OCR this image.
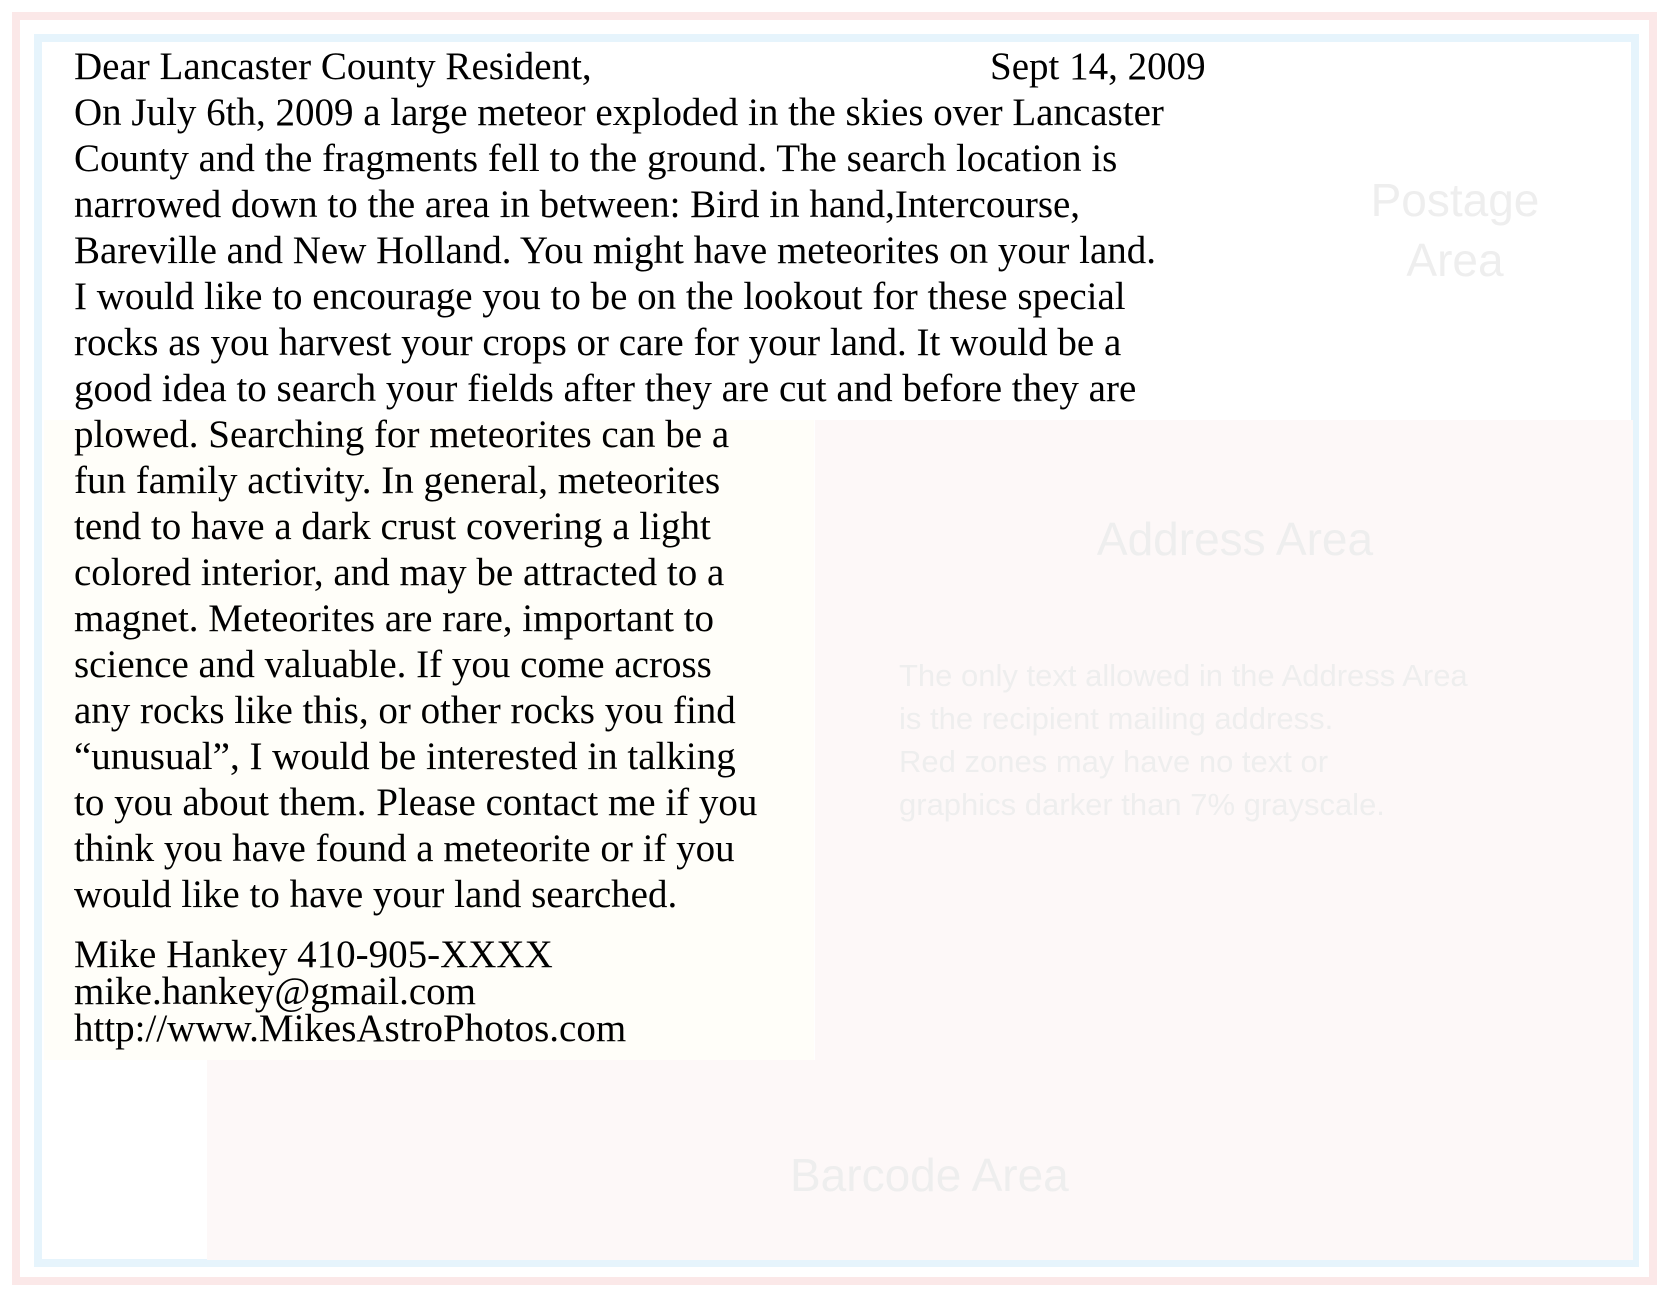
Postage
Area
Address Area
The only text allowed in the Address Area
is the recipient mailing address.
Red zones may have no text or
graphics darker than 7% grayscale.
Barcode Area
Dear Lancaster County Resident,	Sept 14, 2009
On July 6th, 2009 a large meteor exploded in the skies over Lancaster
County and the fragments fell to the ground. The search location is
narrowed down to the area in between: Bird in hand,Intercourse,
Bareville and New Holland. You might have meteorites on your land.
I would like to encourage you to be on the lookout for these special
rocks as you harvest your crops or care for your land. It would be a
good idea to search your fields after they are cut and before they are
plowed. Searching for meteorites can be a
fun family activity. In general, meteorites
tend to have a dark crust covering a light
colored interior, and may be attracted to a
magnet. Meteorites are rare, important to
science and valuable. If you come across
any rocks like this, or other rocks you find
“unusual”, I would be interested in talking
to you about them. Please contact me if you
think you have found a meteorite or if you
would like to have your land searched.
Mike Hankey 410-905-XXXX
mike.hankey@gmail.com
http://www.MikesAstroPhotos.com
